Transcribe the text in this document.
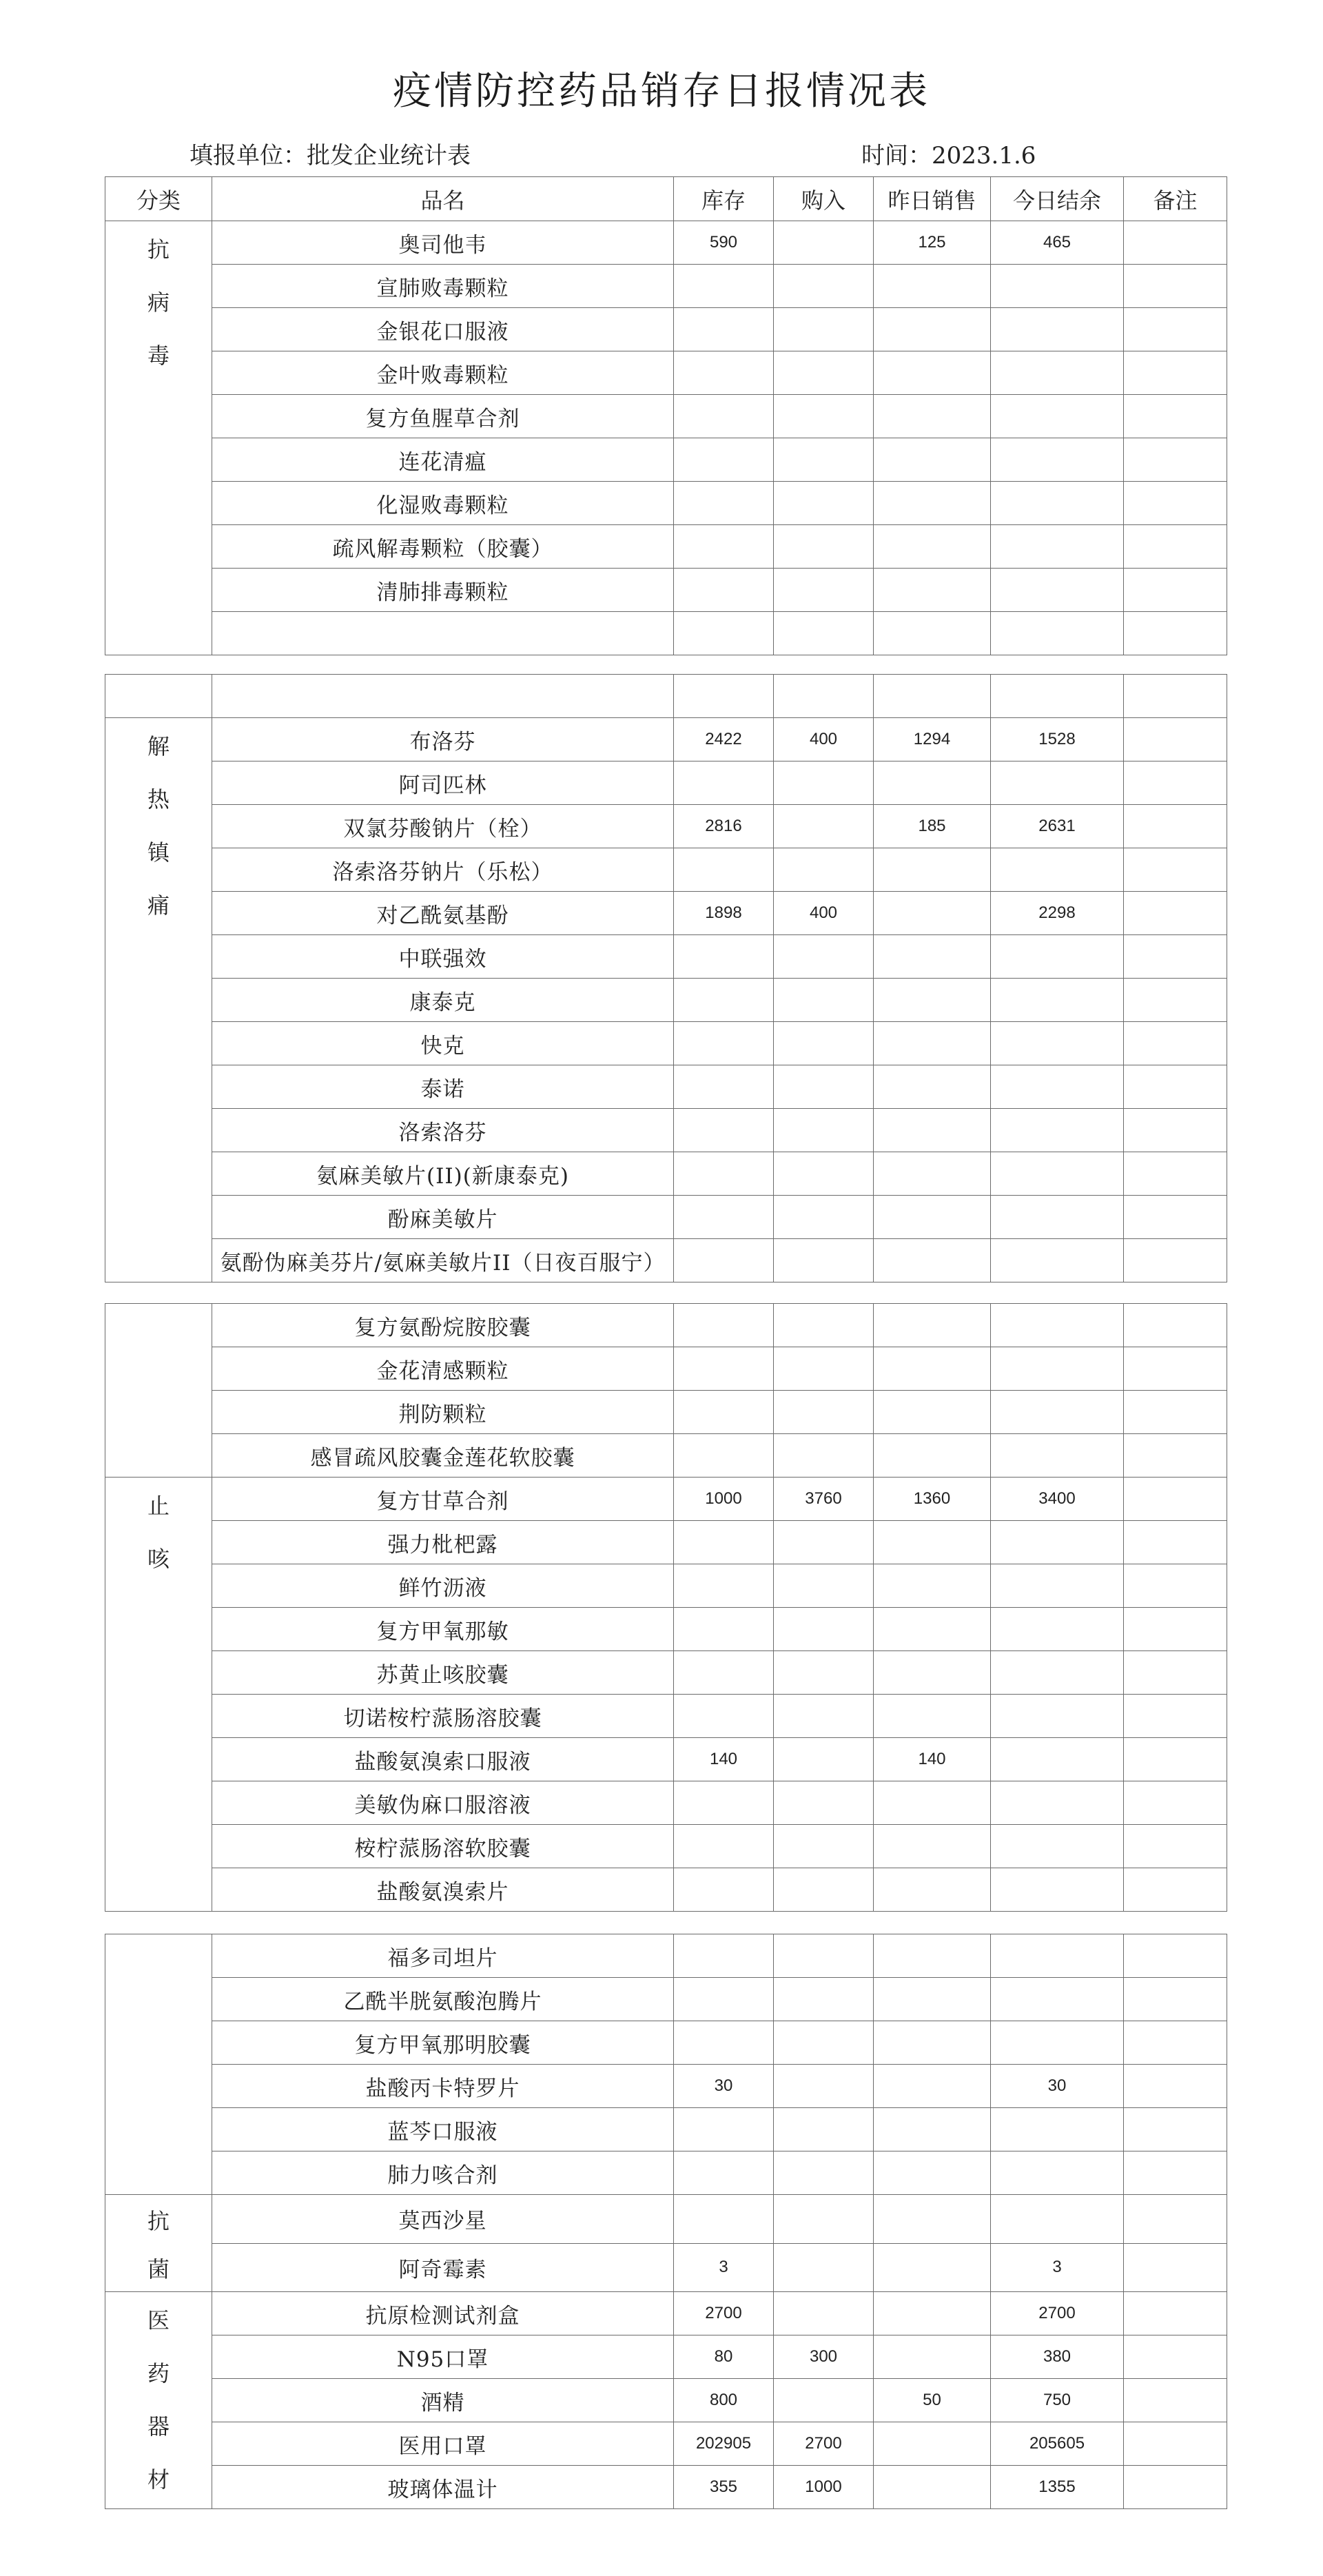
疫情防控药品销存日报情况表
填报单位：批发企业统计表	时间：2023.1.6
分类	品名	库存	购入	昨日销售	今日结余	备注

抗
病
毒	奥司他韦	590		125	465	
	宣肺败毒颗粒					
	金银花口服液					
	金叶败毒颗粒					
	复方鱼腥草合剂					
	连花清瘟					
	化湿败毒颗粒					
	疏风解毒颗粒（胶囊）					
	清肺排毒颗粒					

解
热
镇
痛	布洛芬	2422	400	1294	1528	
	阿司匹林					
	双氯芬酸钠片（栓）	2816		185	2631	
	洛索洛芬钠片（乐松）					
	对乙酰氨基酚	1898	400		2298	
	中联强效					
	康泰克					
	快克					
	泰诺					
	洛索洛芬					
	氨麻美敏片(II)(新康泰克)					
	酚麻美敏片					
	氨酚伪麻美芬片/氨麻美敏片II（日夜百服宁）					
	复方氨酚烷胺胶囊					
	金花清感颗粒					
	荆防颗粒					
	感冒疏风胶囊金莲花软胶囊					

止
咳	复方甘草合剂	1000	3760	1360	3400	
	强力枇杷露					
	鲜竹沥液					
	复方甲氧那敏					
	苏黄止咳胶囊					
	切诺桉柠蒎肠溶胶囊					
	盐酸氨溴索口服液	140		140		
	美敏伪麻口服溶液					
	桉柠蒎肠溶软胶囊					
	盐酸氨溴索片					
	福多司坦片					
	乙酰半胱氨酸泡腾片					
	复方甲氧那明胶囊					
	盐酸丙卡特罗片	30			30	
	蓝芩口服液					
	肺力咳合剂					

抗
菌	莫西沙星					
	阿奇霉素	3			3	

医
药
器
材	抗原检测试剂盒	2700			2700	
	N95口罩	80	300		380	
	酒精	800		50	750	
	医用口罩	202905	2700		205605	
	玻璃体温计	355	1000		1355	
